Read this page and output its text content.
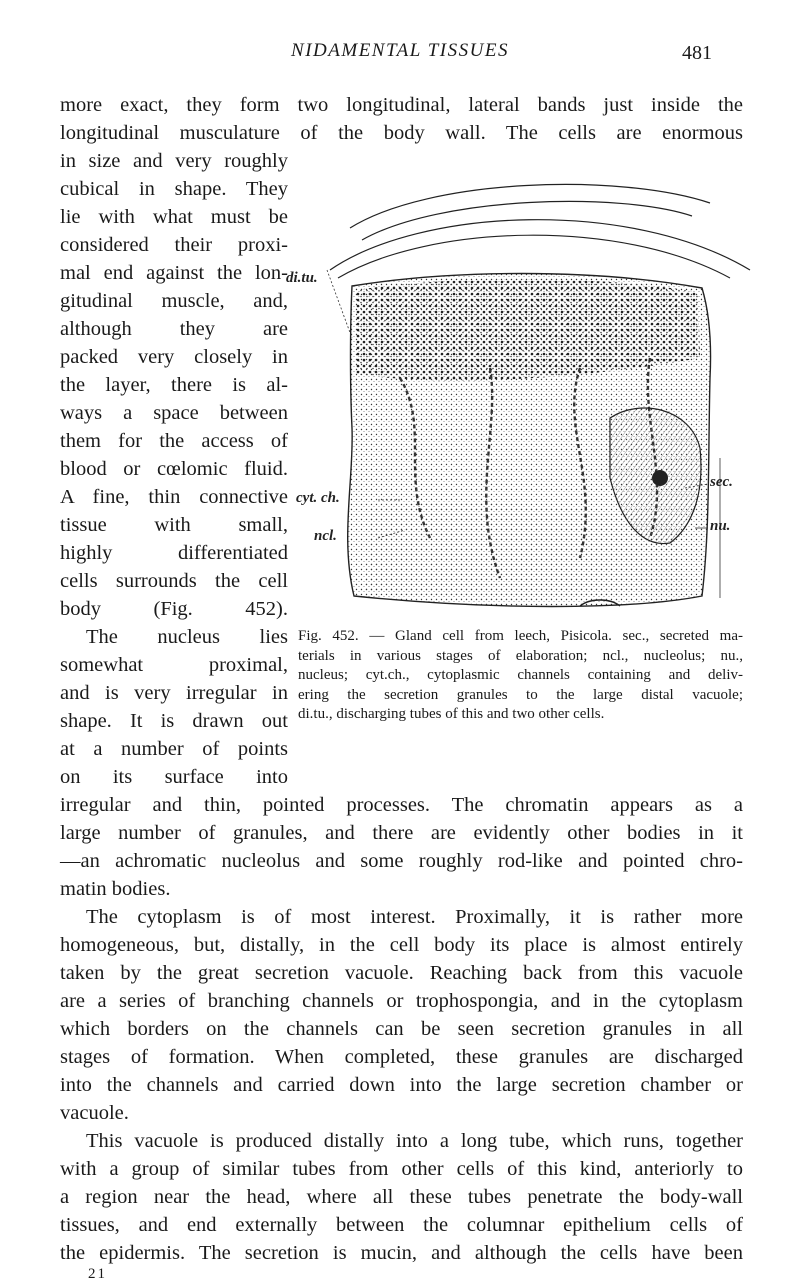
NIDAMENTAL TISSUES	481
more exact, they form two longitudinal, lateral bands just inside the
longitudinal musculature of the body wall. The cells are enormous
in size and very roughly
cubical in shape. They
lie with what must be
considered their proxi-
mal end against the lon-
gitudinal muscle, and,
although they are
packed very closely in
the layer, there is al-
ways a space between
them for the access of
blood or cœlomic fluid.
A fine, thin connective
tissue with small,
highly differentiated
cells surrounds the cell
body (Fig. 452).
The nucleus lies
somewhat proximal,
and is very irregular in
shape. It is drawn out
at a number of points
on its surface into
irregular and thin, pointed processes. The chromatin appears as a
large number of granules, and there are evidently other bodies in it
—an achromatic nucleolus and some roughly rod-like and pointed chro-
matin bodies.
The cytoplasm is of most interest. Proximally, it is rather more
homogeneous, but, distally, in the cell body its place is almost entirely
taken by the great secretion vacuole. Reaching back from this vacuole
are a series of branching channels or trophospongia, and in the cytoplasm
which borders on the channels can be seen secretion granules in all
stages of formation. When completed, these granules are discharged
into the channels and carried down into the large secretion chamber or
vacuole.
This vacuole is produced distally into a long tube, which runs, together
with a group of similar tubes from other cells of this kind, anteriorly to
a region near the head, where all these tubes penetrate the body-wall
tissues, and end externally between the columnar epithelium cells of
the epidermis. The secretion is mucin, and although the cells have been
21
di.tu.
cyt. ch.
ncl.
sec.
nu.
Fig. 452. — Gland cell from leech, Pisicola. sec., secreted ma-
terials in various stages of elaboration; ncl., nucleolus; nu.,
nucleus; cyt.ch., cytoplasmic channels containing and deliv-
ering the secretion granules to the large distal vacuole;
di.tu., discharging tubes of this and two other cells.
